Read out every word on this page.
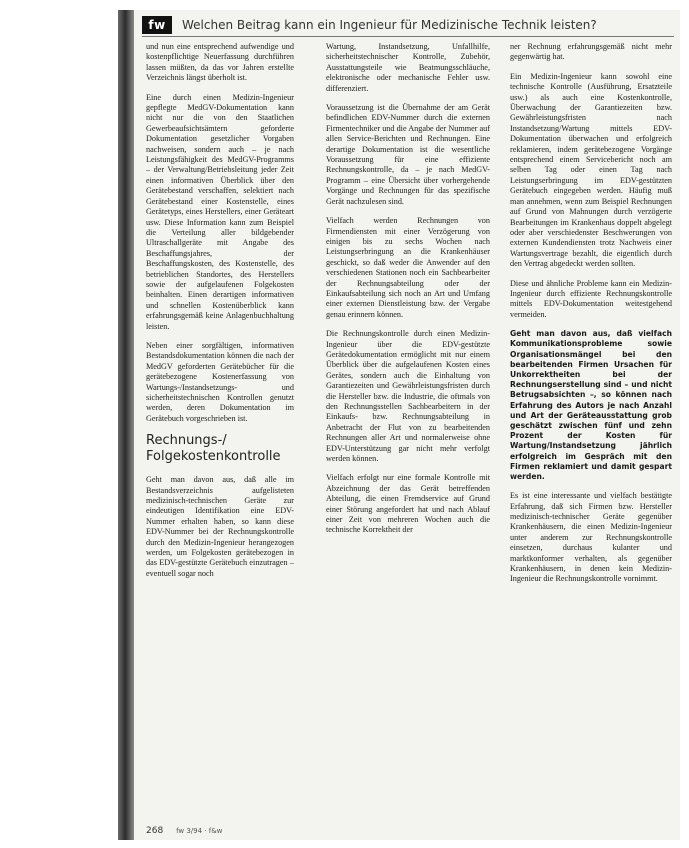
fw	Welchen Beitrag kann ein Ingenieur für Medizinische Technik leisten?

und nun eine entsprechend aufwendige und kostenpflichtige Neuerfassung durchführen lassen müßten, da das vor Jahren erstellte Verzeichnis längst überholt ist.

Eine durch einen Medizin-Ingenieur gepflegte MedGV-Dokumentation kann nicht nur die von den Staatlichen Gewerbeaufsichtsämtern geforderte Dokumentation gesetzlicher Vorgaben nachweisen, sondern auch – je nach Leistungsfähigkeit des MedGV-Programms – der Verwaltung/Betriebsleitung jeder Zeit einen informativen Überblick über den Gerätebestand verschaffen, selektiert nach Gerätebestand einer Kostenstelle, eines Gerätetyps, eines Herstellers, einer Geräteart usw. Diese Information kann zum Beispiel die Verteilung aller bildgebender Ultraschallgeräte mit Angabe des Beschaffungsjahres, der Beschaffungskosten, des Kostenstelle, des betrieblichen Standortes, des Herstellers sowie der aufgelaufenen Folgekosten beinhalten. Einen derartigen informativen und schnellen Kostenüberblick kann erfahrungsgemäß keine Anlagenbuchhaltung leisten.

Neben einer sorgfältigen, informativen Bestandsdokumentation können die nach der MedGV geforderten Gerätebücher für die gerätebezogene Kostenerfassung von Wartungs-/Instandsetzungs- und sicherheitstechnischen Kontrollen genutzt werden, deren Dokumentation im Gerätebuch vorgeschrieben ist.

Rechnungs-/ Folgekostenkontrolle

Geht man davon aus, daß alle im Bestandsverzeichnis aufgelisteten medizinisch-technischen Geräte zur eindeutigen Identifikation eine EDV-Nummer erhalten haben, so kann diese EDV-Nummer bei der Rechnungskontrolle durch den Medizin-Ingenieur herangezogen werden, um Folgekosten gerätebezogen in das EDV-gestützte Gerätebuch einzutragen – eventuell sogar noch

Wartung, Instandsetzung, Unfallhilfe, sicherheitstechnischer Kontrolle, Zubehör, Ausstattungsteile wie Beatmungsschläuche, elektronische oder mechanische Fehler usw. differenziert.

Voraussetzung ist die Übernahme der am Gerät befindlichen EDV-Nummer durch die externen Firmentechniker und die Angabe der Nummer auf allen Service-Berichten und Rechnungen. Eine derartige Dokumentation ist die wesentliche Voraussetzung für eine effiziente Rechnungskontrolle, da – je nach MedGV-Programm – eine Übersicht über vorhergehende Vorgänge und Rechnungen für das spezifische Gerät nachzulesen sind.

Vielfach werden Rechnungen von Firmendiensten mit einer Verzögerung von einigen bis zu sechs Wochen nach Leistungserbringung an die Krankenhäuser geschickt, so daß weder die Anwender auf den verschiedenen Stationen noch ein Sachbearbeiter der Rechnungsabteilung oder der Einkaufsabteilung sich noch an Art und Umfang einer externen Dienstleistung bzw. der Vergabe genau erinnern können.

Die Rechnungskontrolle durch einen Medizin-Ingenieur über die EDV-gestützte Gerätedokumentation ermöglicht mit nur einem Überblick über die aufgelaufenen Kosten eines Gerätes, sondern auch die Einhaltung von Garantiezeiten und Gewährleistungsfristen durch die Hersteller bzw. die Industrie, die oftmals von den Rechnungsstellen Sachbearbeitern in der Einkaufs- bzw. Rechnungsabteilung in Anbetracht der Flut von zu bearbeitenden Rechnungen aller Art und normalerweise ohne EDV-Unterstützung gar nicht mehr verfolgt werden können.

Vielfach erfolgt nur eine formale Kontrolle mit Abzeichnung der das Gerät betreffenden Abteilung, die einen Fremdservice auf Grund einer Störung angefordert hat und nach Ablauf einer Zeit von mehreren Wochen auch die technische Korrektheit der

ner Rechnung erfahrungsgemäß nicht mehr gegenwärtig hat.

Ein Medizin-Ingenieur kann sowohl eine technische Kontrolle (Ausführung, Ersatzteile usw.) als auch eine Kostenkontrolle, Überwachung der Garantiezeiten bzw. Gewährleistungsfristen nach Instandsetzung/Wartung mittels EDV-Dokumentation überwachen und erfolgreich reklamieren, indem gerätebezogene Vorgänge entsprechend einem Servicebericht noch am selben Tag oder einen Tag nach Leistungserbringung im EDV-gestützten Gerätebuch eingegeben werden. Häufig muß man annehmen, wenn zum Beispiel Rechnungen auf Grund von Mahnungen durch verzögerte Bearbeitungen im Krankenhaus doppelt abgelegt oder aber verschiedenster Beschwerungen von externen Kundendiensten trotz Nachweis einer Wartungsvertrage bezahlt, die eigentlich durch den Vertrag abgedeckt werden sollten.

Diese und ähnliche Probleme kann ein Medizin-Ingenieur durch effiziente Rechnungskontrolle mittels EDV-Dokumentation weitestgehend vermeiden.

Geht man davon aus, daß vielfach Kommunikationsprobleme sowie Organisationsmängel bei den bearbeitenden Firmen Ursachen für Unkorrektheiten bei der Rechnungserstellung sind – und nicht Betrugsabsichten –, so können nach Erfahrung des Autors je nach Anzahl und Art der Geräteausstattung grob geschätzt zwischen fünf und zehn Prozent der Kosten für Wartung/Instandsetzung jährlich erfolgreich im Gespräch mit den Firmen reklamiert und damit gespart werden.

Es ist eine interessante und vielfach bestätigte Erfahrung, daß sich Firmen bzw. Hersteller medizinisch-technischer Geräte gegenüber Krankenhäusern, die einen Medizin-Ingenieur unter anderem zur Rechnungskontrolle einsetzen, durchaus kulanter und marktkonformer verhalten, als gegenüber Krankenhäusern, in denen kein Medizin-Ingenieur die Rechnungskontrolle vornimmt.

268 fw 3/94 · f&w
